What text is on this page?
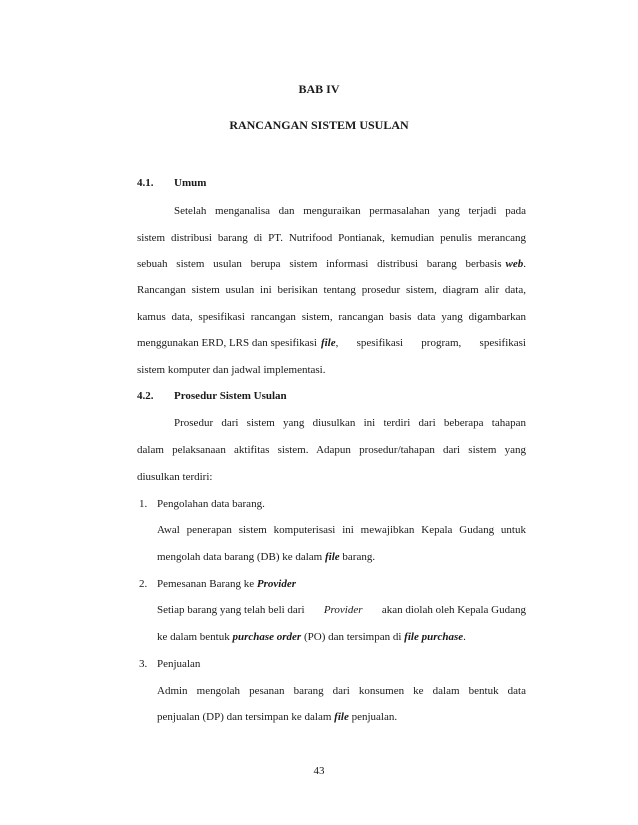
BAB IV

RANCANGAN SISTEM USULAN

4.1. Umum

Setelah menganalisa dan menguraikan permasalahan yang terjadi pada

sistem distribusi barang di PT. Nutrifood Pontianak, kemudian penulis merancang

sebuah sistem usulan berupa sistem informasi distribusi barang berbasis web.

Rancangan sistem usulan ini berisikan tentang prosedur sistem, diagram alir data,

kamus data, spesifikasi rancangan sistem, rancangan basis data yang digambarkan

menggunakan ERD, LRS dan spesifikasi file , spesifikasi program, spesifikasi

sistem komputer dan jadwal implementasi.

4.2. Prosedur Sistem Usulan

Prosedur dari sistem yang diusulkan ini terdiri dari beberapa tahapan

dalam pelaksanaan aktifitas sistem. Adapun prosedur/tahapan dari sistem yang

diusulkan terdiri:

1. Pengolahan data barang.

Awal penerapan sistem komputerisasi ini mewajibkan Kepala Gudang untuk

mengolah data barang (DB) ke dalam file barang.

2. Pemesanan Barang ke Provider

Setiap barang yang telah beli dari Provider akan diolah oleh Kepala Gudang

ke dalam bentuk purchase order (PO) dan tersimpan di file purchase.

3. Penjualan

Admin mengolah pesanan barang dari konsumen ke dalam bentuk data

penjualan (DP) dan tersimpan ke dalam file penjualan.

43
